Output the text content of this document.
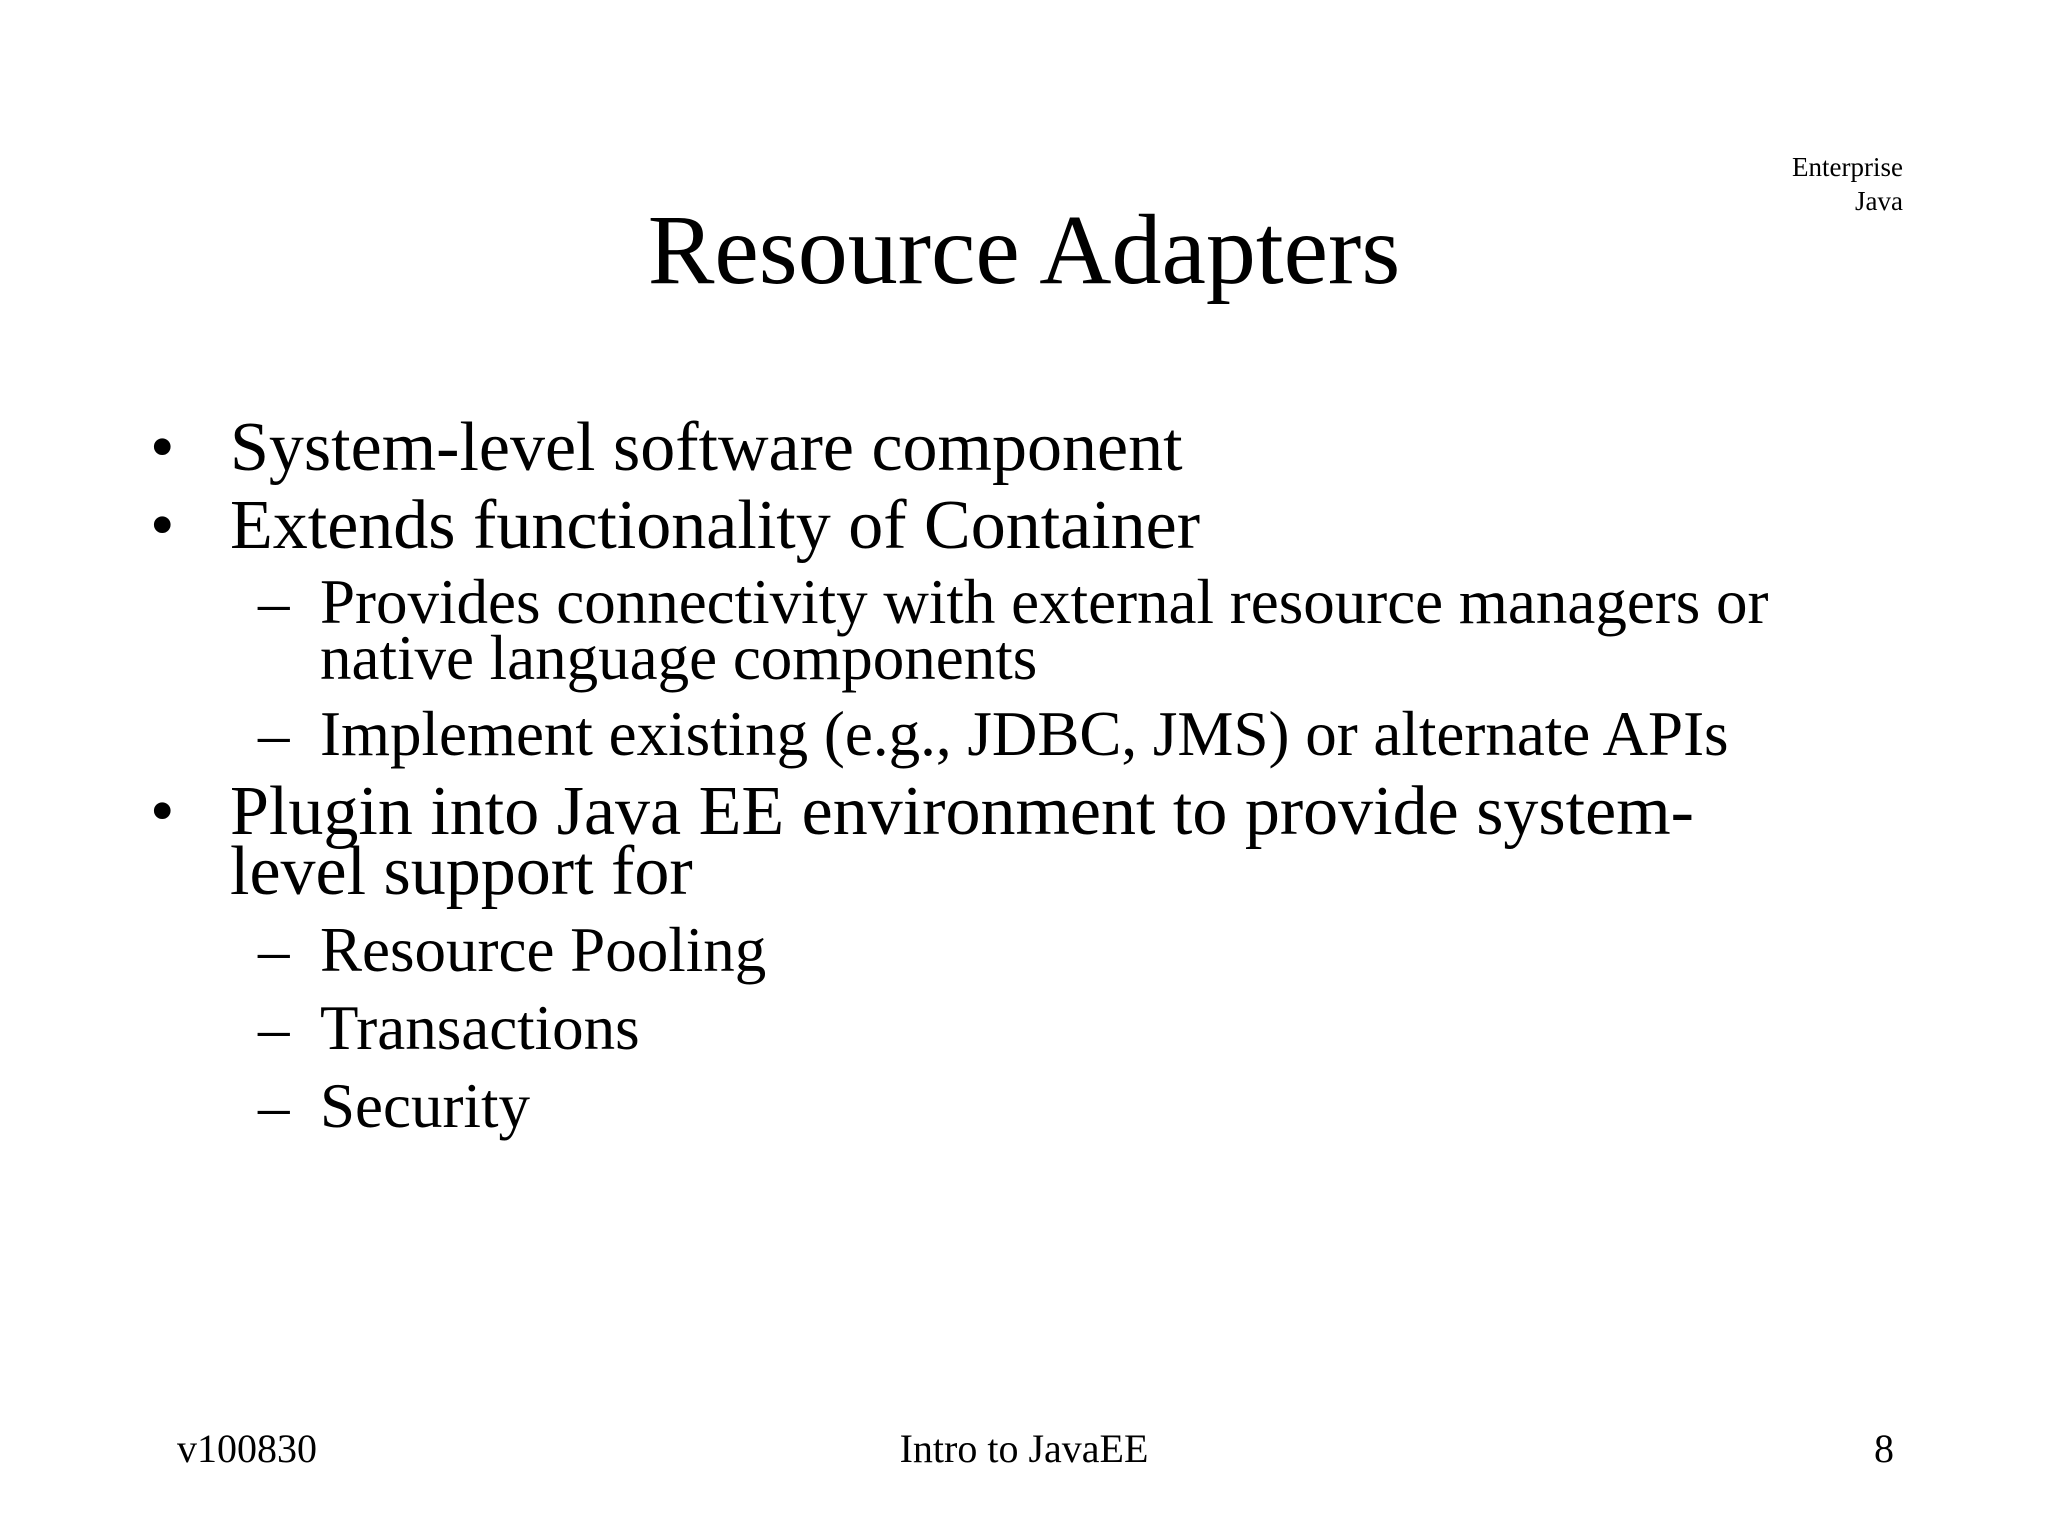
Enterprise
Java
Resource Adapters
• System-level software component
• Extends functionality of Container
– Provides connectivity with external resource managers or
native language components
– Implement existing (e.g., JDBC, JMS) or alternate APIs
• Plugin into Java EE environment to provide system-
level support for
– Resource Pooling
– Transactions
– Security
v100830	Intro to JavaEE	8
